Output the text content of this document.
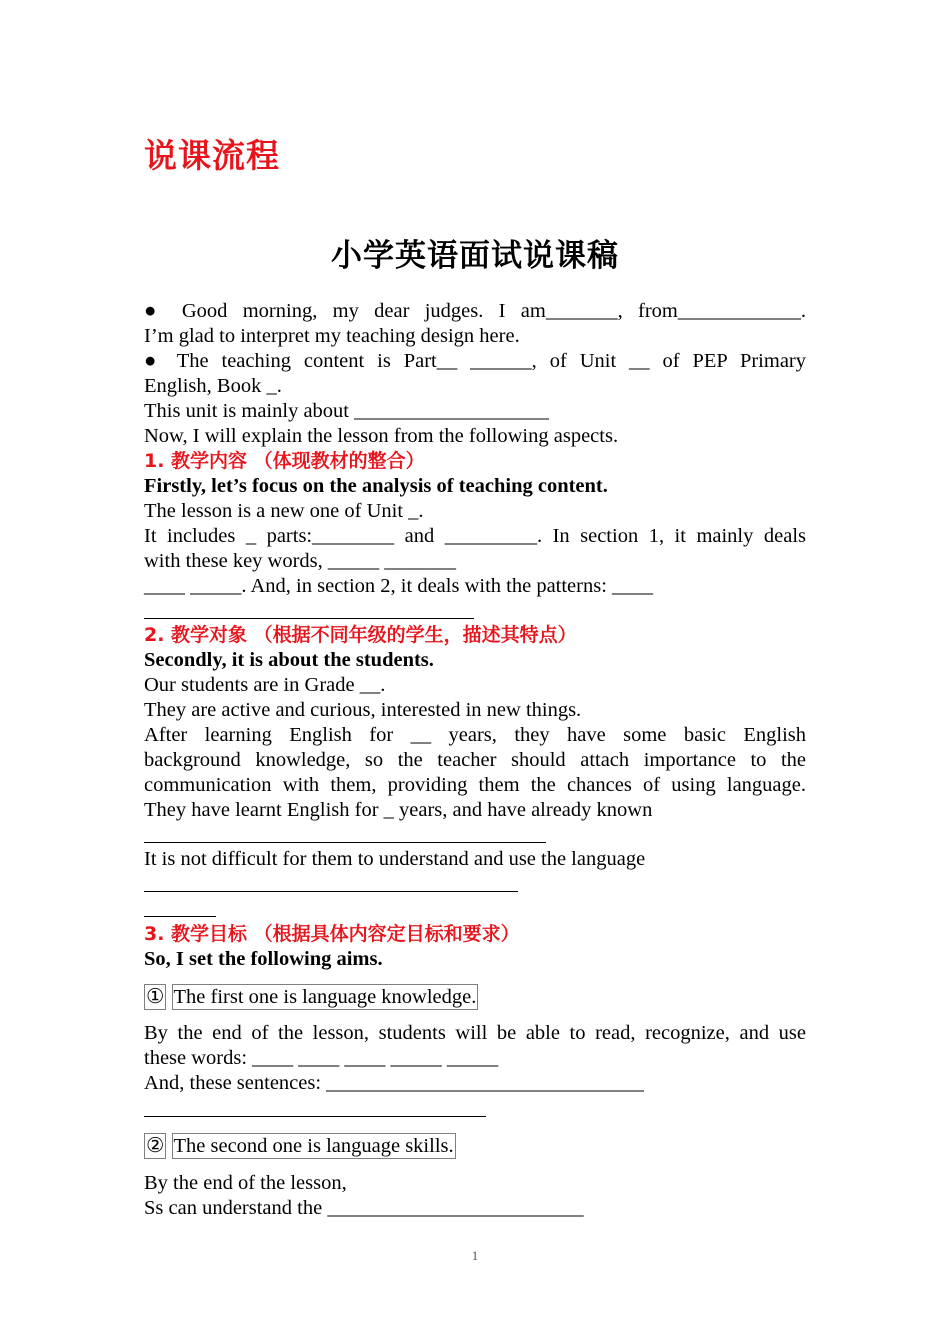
说课流程
小学英语面试说课稿
● Good morning, my dear judges. I am_______, from____________.
I’m glad to interpret my teaching design here.
● The teaching content is Part__ ______, of Unit __ of PEP Primary
English, Book _.
This unit is mainly about ___________________
Now, I will explain the lesson from the following aspects.
1. 教学内容 （体现教材的整合）
Firstly, let’s focus on the analysis of teaching content.
The lesson is a new one of Unit _.
It includes _ parts:________ and _________. In section 1, it mainly deals
with these key words, _____ _______
____ _____. And, in section 2, it deals with the patterns: ____
2. 教学对象 （根据不同年级的学生，描述其特点）
Secondly, it is about the students.
Our students are in Grade __.
They are active and curious, interested in new things.
After learning English for __ years, they have some basic English
background knowledge, so the teacher should attach importance to the
communication with them, providing them the chances of using language.
They have learnt English for _ years, and have already known
It is not difficult for them to understand and use the language
3. 教学目标 （根据具体内容定目标和要求）
So, I set the following aims.
① The first one is language knowledge.
By the end of the lesson, students will be able to read, recognize, and use
these words: ____ ____ ____ _____ _____
And, these sentences: _______________________________
② The second one is language skills.
By the end of the lesson,
Ss can understand the _________________________
1
